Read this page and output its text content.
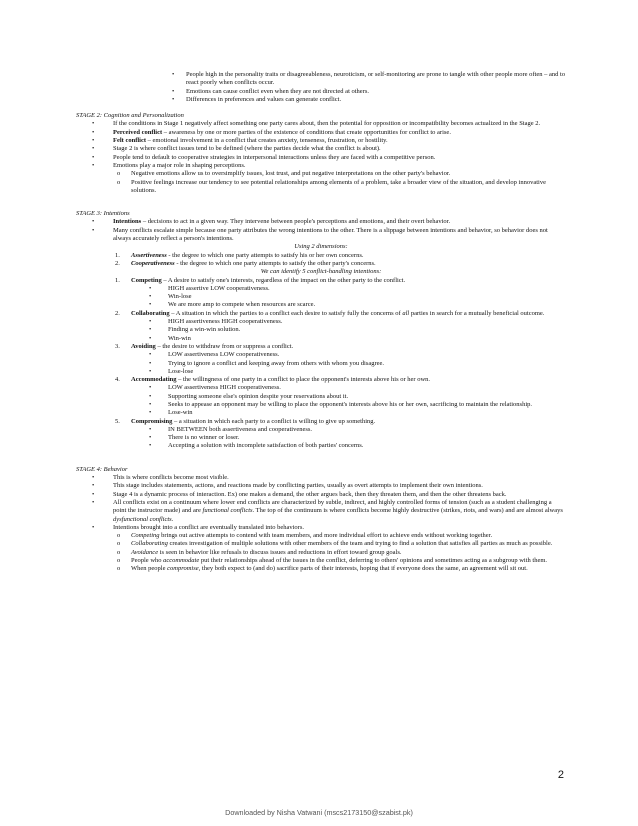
• People high in the personality traits or disagreeableness, neuroticism, or self-monitoring are prone to tangle with other people more often – and to react poorly when conflicts occur.
• Emotions can cause conflict even when they are not directed at others.
• Differences in preferences and values can generate conflict.

STAGE 2: Cognition and Personalization

•	If the conditions in Stage 1 negatively affect something one party cares about, then the potential for opposition or incompatibility becomes actualized in the Stage 2.
•	Perceived conflict – awareness by one or more parties of the existence of conditions that create opportunities for conflict to arise.
•	Felt conflict – emotional involvement in a conflict that creates anxiety, tenseness, frustration, or hostility.
•	Stage 2 is where conflict issues tend to be defined (where the parties decide what the conflict is about).
•	People tend to default to cooperative strategies in interpersonal interactions unless they are faced with a competitive person.
•	Emotions play a major role in shaping perceptions.
o Negative emotions allow us to oversimplify issues, lost trust, and put negative interpretations on the other party's behavior.
o Positive feelings increase our tendency to see potential relationships among elements of a problem, take a broader view of the situation, and develop innovative solutions.

STAGE 3: Intentions

•	Intentions – decisions to act in a given way. They intervene between people's perceptions and emotions, and their overt behavior.
•	Many conflicts escalate simple because one party attributes the wrong intentions to the other. There is a slippage between intentions and behavior, so behavior does not always accurately reflect a person's intentions.

Using 2 dimensions:

1. Assertiveness - the degree to which one party attempts to satisfy his or her own concerns.
2. Cooperativeness - the degree to which one party attempts to satisfy the other party's concerns.

We can identify 5 conflict-handling intentions:

1. Competing – A desire to satisfy one's interests, regardless of the impact on the other party to the conflict.
•	HIGH assertive LOW cooperativeness.
•	Win-lose
•	We are more amp to compete when resources are scarce.
2. Collaborating – A situation in which the parties to a conflict each desire to satisfy fully the concerns of all parties in search for a mutually beneficial outcome.
•	HIGH assertiveness HIGH cooperativeness.
•	Finding a win-win solution.
•	Win-win
3. Avoiding – the desire to withdraw from or suppress a conflict.
•	LOW assertiveness LOW cooperativeness.
•	Trying to ignore a conflict and keeping away from others with whom you disagree.
•	Lose-lose
4. Accommodating – the willingness of one party in a conflict to place the opponent's interests above his or her own.
•	LOW assertiveness HIGH cooperativeness.
•	Supporting someone else's opinion despite your reservations about it.
•	Seeks to appease an opponent may be willing to place the opponent's interests above his or her own, sacrificing to maintain the relationship.
•	Lose-win
5. Compromising – a situation in which each party to a conflict is willing to give up something.
•	IN BETWEEN both assertiveness and cooperativeness.
•	There is no winner or loser.
•	Accepting a solution with incomplete satisfaction of both parties' concerns.

STAGE 4: Behavior

•	This is where conflicts become most visible.
•	This stage includes statements, actions, and reactions made by conflicting parties, usually as overt attempts to implement their own intentions.
•	Stage 4 is a dynamic process of interaction. Ex) one makes a demand, the other argues back, then they threaten them, and then the other threatens back.
•	All conflicts exist on a continuum where lower end conflicts are characterized by subtle, indirect, and highly controlled forms of tension (such as a student challenging a point the instructor made) and are functional conflicts. The top of the continuum is where conflicts become highly destructive (strikes, riots, and wars) and are almost always dysfunctional conflicts.
•	Intentions brought into a conflict are eventually translated into behaviors.
o Competing brings out active attempts to contend with team members, and more individual effort to achieve ends without working together.
o Collaborating creates investigation of multiple solutions with other members of the team and trying to find a solution that satisfies all parties as much as possible.
o Avoidance is seen in behavior like refusals to discuss issues and reductions in effort toward group goals.
o People who accommodate put their relationships ahead of the issues in the conflict, deferring to others' opinions and sometimes acting as a subgroup with them.
o When people compromise, they both expect to (and do) sacrifice parts of their interests, hoping that if everyone does the same, an agreement will sit out.
2
Downloaded by Nisha Vatwani (mscs2173150@szabist.pk)
